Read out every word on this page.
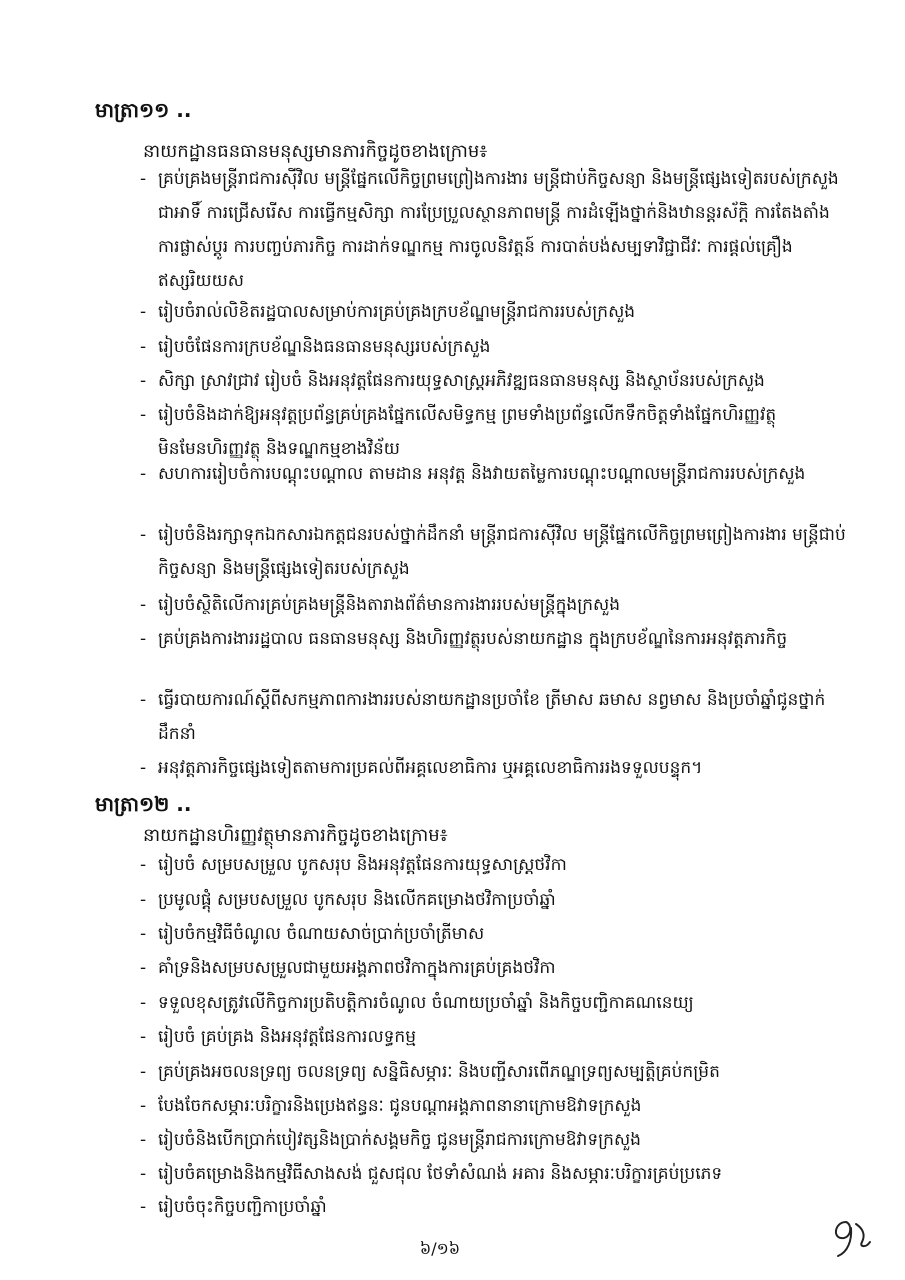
មាត្រា១១ ..
នាយកដ្ឋានធនធានមនុស្សមានភារកិច្ចដូចខាងក្រោម៖
- គ្រប់គ្រងមន្ត្រីរាជការស៊ីវិល មន្ត្រីផ្នែកលើកិច្ចព្រមព្រៀងការងារ មន្ត្រីជាប់កិច្ចសន្យា និងមន្ត្រីផ្សេងទៀតរបស់ក្រសួង ជាអាទិ៍ ការជ្រើសរើស ការធ្វើកម្មសិក្សា ការប្រែប្រួលស្ថានភាពមន្ត្រី ការដំឡើងថ្នាក់និងឋានន្តរស័ក្តិ ការតែងតាំង ការផ្លាស់ប្តូរ ការបញ្ចប់ភារកិច្ច ការដាក់ទណ្ឌកម្ម ការចូលនិវត្តន៍ ការបាត់បង់សម្បទាវិជ្ជាជីវៈ ការផ្តល់គ្រឿងឥស្សរិយយស
- រៀបចំរាល់លិខិតរដ្ឋបាលសម្រាប់ការគ្រប់គ្រងក្របខ័ណ្ឌមន្ត្រីរាជការរបស់ក្រសួង
- រៀបចំផែនការក្របខ័ណ្ឌនិងធនធានមនុស្សរបស់ក្រសួង
- សិក្សា ស្រាវជ្រាវ រៀបចំ និងអនុវត្តផែនការយុទ្ធសាស្ត្រអភិវឌ្ឍធនធានមនុស្ស និងស្ថាប័នរបស់ក្រសួង
- រៀបចំនិងដាក់ឱ្យអនុវត្តប្រព័ន្ធគ្រប់គ្រងផ្នែកលើសមិទ្ធកម្ម ព្រមទាំងប្រព័ន្ធលើកទឹកចិត្តទាំងផ្នែកហិរញ្ញវត្ថុ មិនមែនហិរញ្ញវត្ថុ និងទណ្ឌកម្មខាងវិន័យ
- សហការរៀបចំការបណ្តុះបណ្តាល តាមដាន អនុវត្ត និងវាយតម្លៃការបណ្តុះបណ្តាលមន្ត្រីរាជការរបស់ក្រសួង
- រៀបចំនិងរក្សាទុកឯកសារឯកត្តជនរបស់ថ្នាក់ដឹកនាំ មន្ត្រីរាជការស៊ីវិល មន្ត្រីផ្នែកលើកិច្ចព្រមព្រៀងការងារ មន្ត្រីជាប់កិច្ចសន្យា និងមន្ត្រីផ្សេងទៀតរបស់ក្រសួង
- រៀបចំស្ថិតិលើការគ្រប់គ្រងមន្ត្រីនិងតារាងព័ត៌មានការងាររបស់មន្ត្រីក្នុងក្រសួង
- គ្រប់គ្រងការងាររដ្ឋបាល ធនធានមនុស្ស និងហិរញ្ញវត្ថុរបស់នាយកដ្ឋាន ក្នុងក្របខ័ណ្ឌនៃការអនុវត្តភារកិច្ច
- ធ្វើរបាយការណ៍ស្តីពីសកម្មភាពការងាររបស់នាយកដ្ឋានប្រចាំខែ ត្រីមាស ឆមាស នព្វមាស និងប្រចាំឆ្នាំជូនថ្នាក់ដឹកនាំ
- អនុវត្តភារកិច្ចផ្សេងទៀតតាមការប្រគល់ពីអគ្គលេខាធិការ ឬអគ្គលេខាធិការរងទទួលបន្ទុក។
មាត្រា១២ ..
នាយកដ្ឋានហិរញ្ញវត្ថុមានភារកិច្ចដូចខាងក្រោម៖
- រៀបចំ សម្របសម្រួល បូកសរុប និងអនុវត្តផែនការយុទ្ធសាស្ត្រថវិកា
- ប្រមូលផ្តុំ សម្របសម្រួល បូកសរុប និងលើកគម្រោងថវិកាប្រចាំឆ្នាំ
- រៀបចំកម្មវិធីចំណូល ចំណាយសាច់ប្រាក់ប្រចាំត្រីមាស
- គាំទ្រនិងសម្របសម្រួលជាមួយអង្គភាពថវិកាក្នុងការគ្រប់គ្រងថវិកា
- ទទួលខុសត្រូវលើកិច្ចការប្រតិបត្តិការចំណូល ចំណាយប្រចាំឆ្នាំ និងកិច្ចបញ្ជិកាគណនេយ្យ
- រៀបចំ គ្រប់គ្រង និងអនុវត្តផែនការលទ្ធកម្ម
- គ្រប់គ្រងអចលនទ្រព្យ ចលនទ្រព្យ សន្និធិសម្ភារៈ និងបញ្ជីសារពើភណ្ឌទ្រព្យសម្បត្តិគ្រប់កម្រិត
- បែងចែកសម្ភារៈបរិក្ខារនិងប្រេងឥន្ធនៈ ជូនបណ្តាអង្គភាពនានាក្រោមឱវាទក្រសួង
- រៀបចំនិងបើកប្រាក់បៀវត្សនិងប្រាក់សង្គមកិច្ច ជូនមន្ត្រីរាជការក្រោមឱវាទក្រសួង
- រៀបចំគម្រោងនិងកម្មវិធីសាងសង់ ជួសជុល ថែទាំសំណង់ អគារ និងសម្ភារៈបរិក្ខារគ្រប់ប្រភេទ
- រៀបចំចុះកិច្ចបញ្ជិកាប្រចាំឆ្នាំ
៦/១៦
